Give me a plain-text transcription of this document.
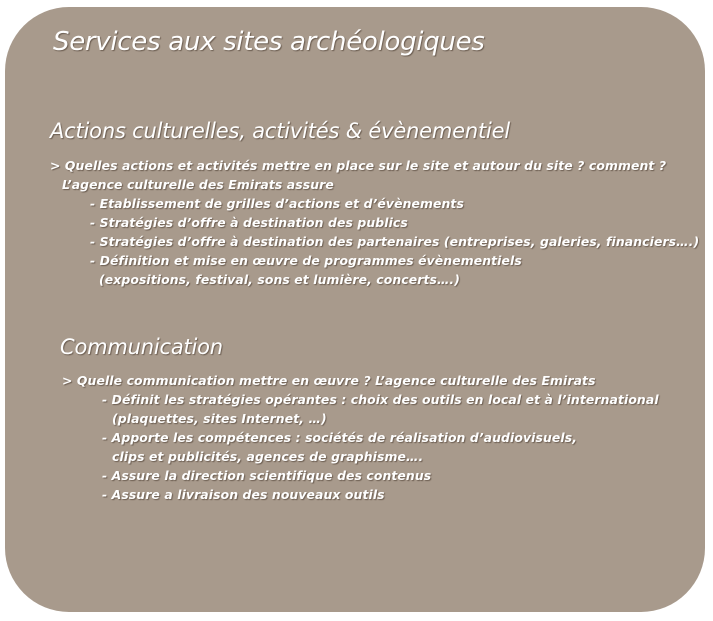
Services aux sites archéologiques
Actions culturelles, activités & évènementiel
> Quelles actions et activités mettre en place sur le site et autour du site ? comment ?
L’agence culturelle des Emirats assure
- Etablissement de grilles d’actions et d’évènements
- Stratégies d’offre à destination des publics
- Stratégies d’offre à destination des partenaires (entreprises, galeries, financiers….)
- Définition et mise en œuvre de programmes évènementiels
(expositions, festival, sons et lumière, concerts….)
Communication
> Quelle communication mettre en œuvre ? L’agence culturelle des Emirats
- Définit les stratégies opérantes : choix des outils en local et à l’international
(plaquettes, sites Internet, …)
- Apporte les compétences : sociétés de réalisation d’audiovisuels,
clips et publicités, agences de graphisme….
- Assure la direction scientifique des contenus
- Assure a livraison des nouveaux outils
